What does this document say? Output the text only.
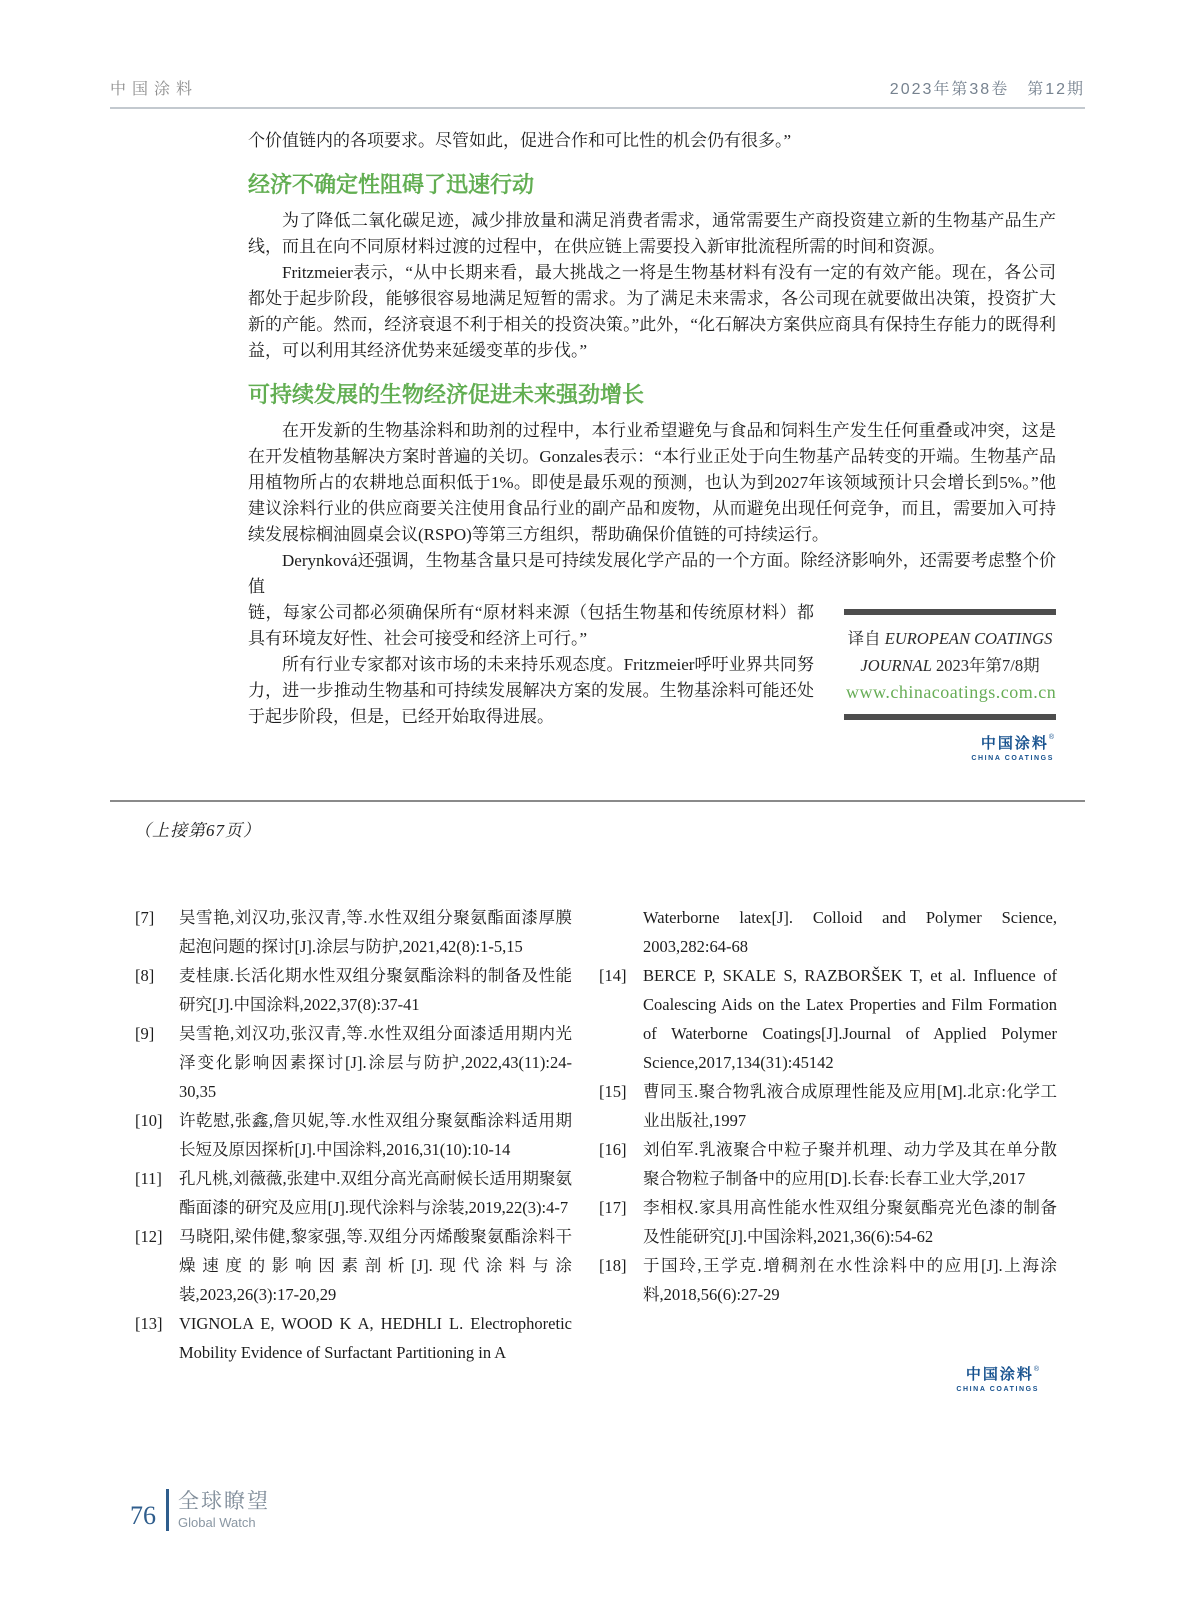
中国涂料	2023年第38卷　第12期

个价值链内的各项要求。尽管如此，促进合作和可比性的机会仍有很多。”

经济不确定性阻碍了迅速行动

为了降低二氧化碳足迹，减少排放量和满足消费者需求，通常需要生产商投资建立新的生物基产品生产线，而且在向不同原材料过渡的过程中，在供应链上需要投入新审批流程所需的时间和资源。

Fritzmeier表示，“从中长期来看，最大挑战之一将是生物基材料有没有一定的有效产能。现在，各公司都处于起步阶段，能够很容易地满足短暂的需求。为了满足未来需求，各公司现在就要做出决策，投资扩大新的产能。然而，经济衰退不利于相关的投资决策。”此外，“化石解决方案供应商具有保持生存能力的既得利益，可以利用其经济优势来延缓变革的步伐。”

可持续发展的生物经济促进未来强劲增长

在开发新的生物基涂料和助剂的过程中，本行业希望避免与食品和饲料生产发生任何重叠或冲突，这是在开发植物基解决方案时普遍的关切。Gonzales表示：“本行业正处于向生物基产品转变的开端。生物基产品用植物所占的农耕地总面积低于1%。即使是最乐观的预测，也认为到2027年该领域预计只会增长到5%。”他建议涂料行业的供应商要关注使用食品行业的副产品和废物，从而避免出现任何竞争，而且，需要加入可持续发展棕榈油圆桌会议(RSPO)等第三方组织，帮助确保价值链的可持续运行。

Derynková还强调，生物基含量只是可持续发展化学产品的一个方面。除经济影响外，还需要考虑整个价值

链，每家公司都必须确保所有“原材料来源（包括生物基和传统原材料）都具有环境友好性、社会可接受和经济上可行。”

所有行业专家都对该市场的未来持乐观态度。Fritzmeier呼吁业界共同努力，进一步推动生物基和可持续发展解决方案的发展。生物基涂料可能还处于起步阶段，但是，已经开始取得进展。

译自 EUROPEAN COATINGS JOURNAL 2023年第7/8期
www.chinacoatings.com.cn
中国涂料®
CHINA COATINGS

（上接第67页）

[7] 吴雪艳,刘汉功,张汉青,等.水性双组分聚氨酯面漆厚膜起泡问题的探讨[J].涂层与防护,2021,42(8):1-5,15
[8] 麦桂康.长活化期水性双组分聚氨酯涂料的制备及性能研究[J].中国涂料,2022,37(8):37-41
[9] 吴雪艳,刘汉功,张汉青,等.水性双组分面漆适用期内光泽变化影响因素探讨[J].涂层与防护,2022,43(11):24-30,35
[10] 许乾慰,张鑫,詹贝妮,等.水性双组分聚氨酯涂料适用期长短及原因探析[J].中国涂料,2016,31(10):10-14
[11] 孔凡桃,刘薇薇,张建中.双组分高光高耐候长适用期聚氨酯面漆的研究及应用[J].现代涂料与涂装,2019,22(3):4-7
[12] 马晓阳,梁伟健,黎家强,等.双组分丙烯酸聚氨酯涂料干燥速度的影响因素剖析[J].现代涂料与涂装,2023,26(3):17-20,29
[13] VIGNOLA E, WOOD K A, HEDHLI L. Electrophoretic Mobility Evidence of Surfactant Partitioning in A
Waterborne latex[J]. Colloid and Polymer Science, 2003,282:64-68
[14] BERCE P, SKALE S, RAZBORŠEK T, et al. Influence of Coalescing Aids on the Latex Properties and Film Formation of Waterborne Coatings[J].Journal of Applied Polymer Science,2017,134(31):45142
[15] 曹同玉.聚合物乳液合成原理性能及应用[M].北京:化学工业出版社,1997
[16] 刘伯军.乳液聚合中粒子聚并机理、动力学及其在单分散聚合物粒子制备中的应用[D].长春:长春工业大学,2017
[17] 李相权.家具用高性能水性双组分聚氨酯亮光色漆的制备及性能研究[J].中国涂料,2021,36(6):54-62
[18] 于国玲,王学克.增稠剂在水性涂料中的应用[J].上海涂料,2018,56(6):27-29
中国涂料®
CHINA COATINGS
76 全球瞭望
Global Watch
